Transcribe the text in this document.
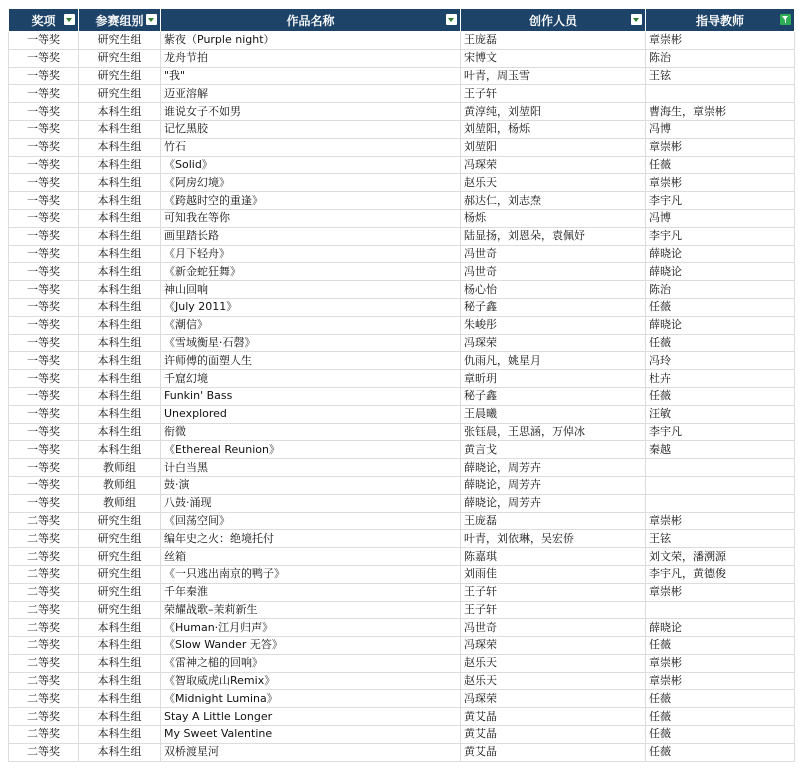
奖项	参赛组别	作品名称	创作人员	指导教师

一等奖	研究生组	紫夜（Purple night）	王庞磊	章崇彬
一等奖	研究生组	龙舟节拍	宋博文	陈治
一等奖	研究生组	"我"	叶青，周玉雪	王铉
一等奖	研究生组	迈亚溶解	王子轩	
一等奖	本科生组	谁说女子不如男	黄淳纯，刘堃阳	曹海生，章崇彬
一等奖	本科生组	记忆黑胶	刘堃阳，杨烁	冯博
一等奖	本科生组	竹石	刘堃阳	章崇彬
一等奖	本科生组	《Solid》	冯琛荣	任薇
一等奖	本科生组	《阿房幻境》	赵乐天	章崇彬
一等奖	本科生组	《跨越时空的重逢》	郝达仁，刘志焘	李宇凡
一等奖	本科生组	可知我在等你	杨烁	冯博
一等奖	本科生组	画里踏长路	陆显扬，刘恩朵，袁佩妤	李宇凡
一等奖	本科生组	《月下轻舟》	冯世奇	薛晓论
一等奖	本科生组	《新金蛇狂舞》	冯世奇	薛晓论
一等奖	本科生组	神山回响	杨心怡	陈治
一等奖	本科生组	《July 2011》	秘子鑫	任薇
一等奖	本科生组	《潮信》	朱峻彤	薛晓论
一等奖	本科生组	《雪域衡星·石磬》	冯琛荣	任薇
一等奖	本科生组	许师傅的面塑人生	仇雨凡，姚星月	冯玲
一等奖	本科生组	千窟幻境	章昕玥	杜卉
一等奖	本科生组	Funkin' Bass	秘子鑫	任薇
一等奖	本科生组	Unexplored	王晨曦	汪敏
一等奖	本科生组	衔微	张钰晨，王思涵，万倬冰	李宇凡
一等奖	本科生组	《Ethereal Reunion》	黄言戈	秦越
一等奖	教师组	计白当黑	薛晓论，周芳卉	
一等奖	教师组	鼓·演	薛晓论，周芳卉	
一等奖	教师组	八鼓·涌现	薛晓论，周芳卉	
二等奖	研究生组	《回荡空间》	王庞磊	章崇彬
二等奖	研究生组	编年史之火：绝境托付	叶青，刘依琳，吴宏侨	王铉
二等奖	研究生组	丝箱	陈嘉琪	刘文荣，潘溯源
二等奖	研究生组	《一只逃出南京的鸭子》	刘雨佳	李宇凡，黄德俊
二等奖	研究生组	千年秦淮	王子轩	章崇彬
二等奖	研究生组	荣耀战歌–茉莉新生	王子轩	
二等奖	本科生组	《Human·江月归声》	冯世奇	薛晓论
二等奖	本科生组	《Slow Wander 无答》	冯琛荣	任薇
二等奖	本科生组	《雷神之槌的回响》	赵乐天	章崇彬
二等奖	本科生组	《智取威虎山Remix》	赵乐天	章崇彬
二等奖	本科生组	《Midnight Lumina》	冯琛荣	任薇
二等奖	本科生组	Stay A Little Longer	黄艾晶	任薇
二等奖	本科生组	My Sweet Valentine	黄艾晶	任薇
二等奖	本科生组	双桥渡星河	黄艾晶	任薇
